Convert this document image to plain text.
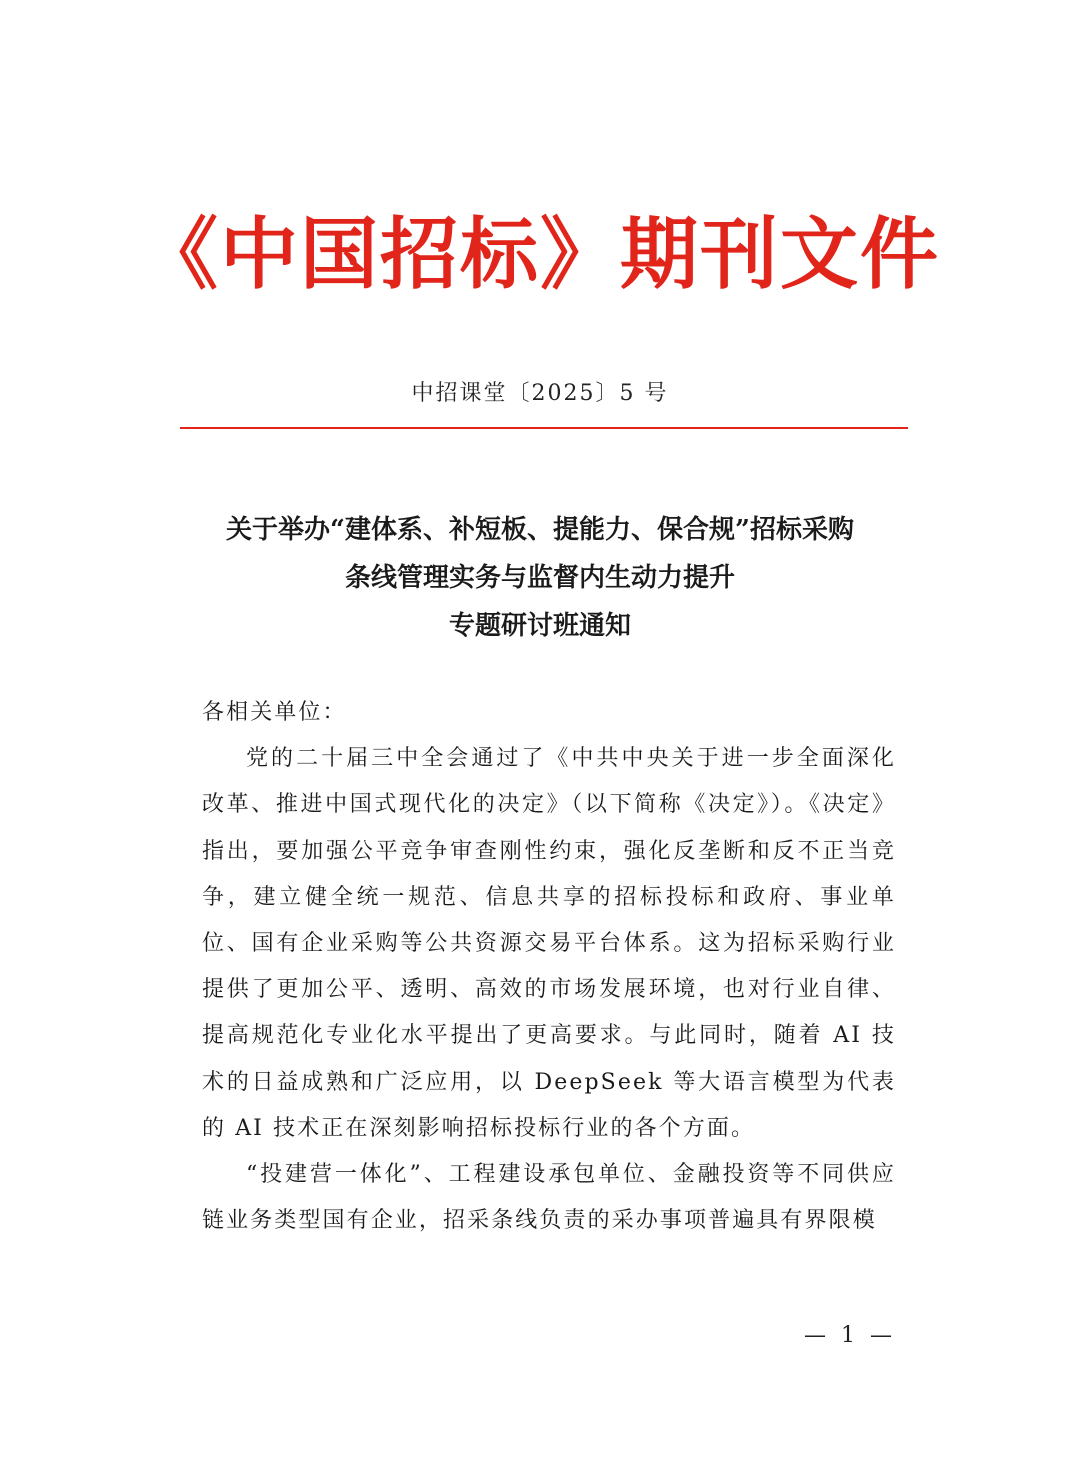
《中国招标》期刊文件
中招课堂〔2025〕5 号
关于举办“建体系、补短板、提能力、保合规”招标采购
条线管理实务与监督内生动力提升
专题研讨班通知

各相关单位：

党的二十届三中全会通过了《中共中央关于进一步全面深化改革、推进中国式现代化的决定》（以下简称《决定》）。《决定》指出，要加强公平竞争审查刚性约束，强化反垄断和反不正当竞争，建立健全统一规范、信息共享的招标投标和政府、事业单位、国有企业采购等公共资源交易平台体系。这为招标采购行业提供了更加公平、透明、高效的市场发展环境，也对行业自律、提高规范化专业化水平提出了更高要求。与此同时，随着 AI 技术的日益成熟和广泛应用，以 DeepSeek 等大语言模型为代表的 AI 技术正在深刻影响招标投标行业的各个方面。

“投建营一体化”、工程建设承包单位、金融投资等不同供应链业务类型国有企业，招采条线负责的采办事项普遍具有界限模

— 1 —
